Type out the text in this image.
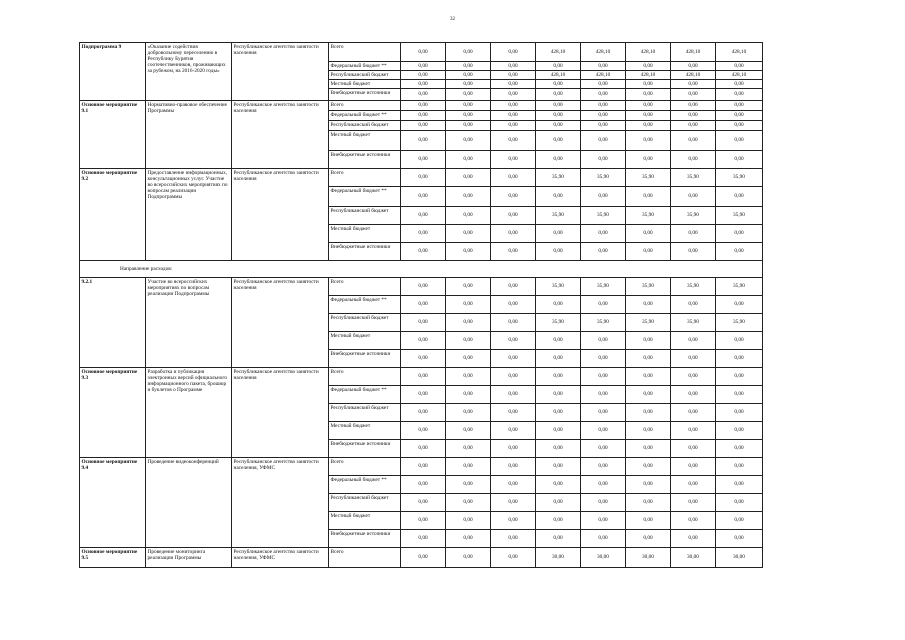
32
Подпрограмма 9	«Оказание содействия добровольному переселению в Республику Бурятия соотечественников, проживающих за рубежом, на 2016-2020 годы»	Республиканское агентство занятости населения	Всего	0,00	0,00	0,00	428,10	428,10	428,10	428,10	428,10
			Федеральный бюджет **	0,00	0,00	0,00	0,00	0,00	0,00	0,00	0,00
			Республиканский бюджет	0,00	0,00	0,00	428,10	428,10	428,10	428,10	428,10
			Местный бюджет	0,00	0,00	0,00	0,00	0,00	0,00	0,00	0,00
			Внебюджетные источники	0,00	0,00	0,00	0,00	0,00	0,00	0,00	0,00
Основное мероприятие 9.1	Нормативно-правовое обеспечение Программы	Республиканское агентство занятости населения	Всего	0,00	0,00	0,00	0,00	0,00	0,00	0,00	0,00
			Федеральный бюджет **	0,00	0,00	0,00	0,00	0,00	0,00	0,00	0,00
			Республиканский бюджет	0,00	0,00	0,00	0,00	0,00	0,00	0,00	0,00
			Местный бюджет	0,00	0,00	0,00	0,00	0,00	0,00	0,00	0,00
			Внебюджетные источники	0,00	0,00	0,00	0,00	0,00	0,00	0,00	0,00
Основное мероприятие 9.2	Предоставление информационных, консультационных услуг. Участие во всероссийских мероприятиях по вопросам реализации Подпрограммы	Республиканское агентство занятости населения	Всего	0,00	0,00	0,00	35,90	35,90	35,90	35,90	35,90
			Федеральный бюджет **	0,00	0,00	0,00	0,00	0,00	0,00	0,00	0,00
			Республиканский бюджет	0,00	0,00	0,00	35,90	35,90	35,90	35,90	35,90
			Местный бюджет	0,00	0,00	0,00	0,00	0,00	0,00	0,00	0,00
			Внебюджетные источники	0,00	0,00	0,00	0,00	0,00	0,00	0,00	0,00
Направление расходов:											
9.2.1	Участие во всероссийских мероприятиях по вопросам реализации Подпрограммы	Республиканское агентство занятости населения	Всего	0,00	0,00	0,00	35,90	35,90	35,90	35,90	35,90
			Федеральный бюджет **	0,00	0,00	0,00	0,00	0,00	0,00	0,00	0,00
			Республиканский бюджет	0,00	0,00	0,00	35,90	35,90	35,90	35,90	35,90
			Местный бюджет	0,00	0,00	0,00	0,00	0,00	0,00	0,00	0,00
			Внебюджетные источники	0,00	0,00	0,00	0,00	0,00	0,00	0,00	0,00
Основное мероприятие 9.3	Разработка и публикация электронных версий официального информационного пакета, брошюр и буклетов о Программе	Республиканское агентство занятости населения	Всего	0,00	0,00	0,00	0,00	0,00	0,00	0,00	0,00
			Федеральный бюджет **	0,00	0,00	0,00	0,00	0,00	0,00	0,00	0,00
			Республиканский бюджет	0,00	0,00	0,00	0,00	0,00	0,00	0,00	0,00
			Местный бюджет	0,00	0,00	0,00	0,00	0,00	0,00	0,00	0,00
			Внебюджетные источники	0,00	0,00	0,00	0,00	0,00	0,00	0,00	0,00
Основное мероприятие 9.4	Проведение видеоконференций	Республиканское агентство занятости населения, УФМС	Всего	0,00	0,00	0,00	0,00	0,00	0,00	0,00	0,00
			Федеральный бюджет **	0,00	0,00	0,00	0,00	0,00	0,00	0,00	0,00
			Республиканский бюджет	0,00	0,00	0,00	0,00	0,00	0,00	0,00	0,00
			Местный бюджет	0,00	0,00	0,00	0,00	0,00	0,00	0,00	0,00
			Внебюджетные источники	0,00	0,00	0,00	0,00	0,00	0,00	0,00	0,00
Основное мероприятие 9.5	Проведение мониторинга реализации Программы	Республиканское агентство занятости населения, УФМС	Всего	0,00	0,00	0,00	30,00	30,00	30,00	30,00	30,00
